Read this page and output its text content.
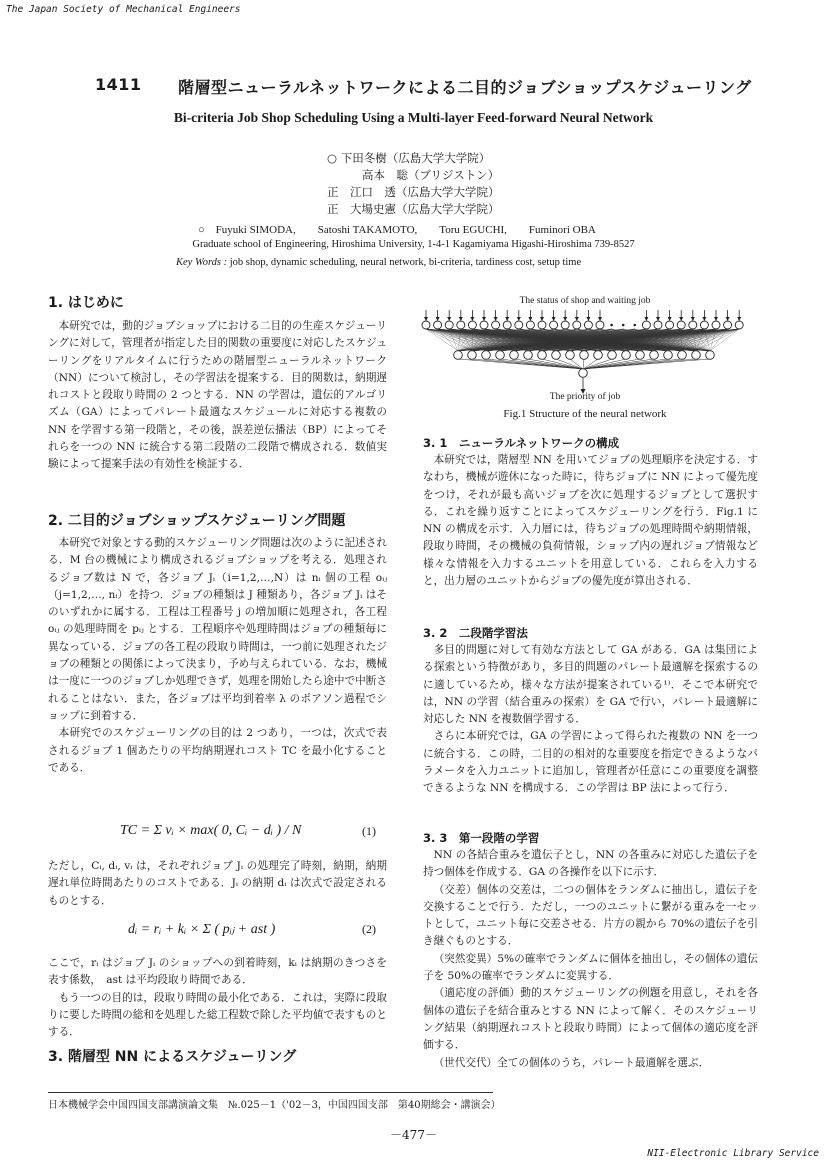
The Japan Society of Mechanical Engineers
1411 階層型ニューラルネットワークによる二目的ジョブショップスケジューリング
Bi-criteria Job Shop Scheduling Using a Multi-layer Feed-forward Neural Network
○ 下田冬樹（広島大学大学院）
高本　聡（ブリジストン）
正　江口　透（広島大学大学院）
正　大場史憲（広島大学大学院）
○　Fuyuki SIMODA,　　Satoshi TAKAMOTO,　　Toru EGUCHI,　　Fuminori OBA
Graduate school of Engineering, Hiroshima University, 1-4-1 Kagamiyama Higashi-Hiroshima 739-8527
Key Words : job shop, dynamic scheduling, neural network, bi-criteria, tardiness cost, setup time
1. はじめに

本研究では，動的ジョブショップにおける二目的の生産スケジューリングに対して，管理者が指定した目的関数の重要度に対応したスケジューリングをリアルタイムに行うための階層型ニューラルネットワーク（NN）について検討し，その学習法を提案する．目的関数は，納期遅れコストと段取り時間の 2 つとする．NN の学習は，遺伝的アルゴリズム（GA）によってパレート最適なスケジュールに対応する複数の NN を学習する第一段階と，その後，誤差逆伝播法（BP）によってそれらを一つの NN に統合する第二段階の二段階で構成される．数値実験によって提案手法の有効性を検証する．

2. 二目的ジョブショップスケジューリング問題

本研究で対象とする動的スケジューリング問題は次のように記述される．M 台の機械により構成されるジョブショップを考える．処理されるジョブ数は N で，各ジョブ Jᵢ（i=1,2,…,N）は nᵢ 個の工程 oᵢⱼ（j=1,2,…, nᵢ）を持つ．ジョブの種類は J 種類あり，各ジョブ Jᵢ はそのいずれかに属する．工程は工程番号 j の増加順に処理され，各工程 oᵢⱼ の処理時間を pᵢⱼ とする．工程順序や処理時間はジョブの種類毎に異なっている．ジョブの各工程の段取り時間は，一つ前に処理されたジョブの種類との関係によって決まり，予め与えられている．なお，機械は一度に一つのジョブしか処理できず，処理を開始したら途中で中断されることはない．また，各ジョブは平均到着率 λ のポアソン過程でショップに到着する．

本研究でのスケジューリングの目的は 2 つあり，一つは，次式で表されるジョブ 1 個あたりの平均納期遅れコスト TC を最小化することである．

TC = Σ vᵢ × max( 0, Cᵢ − dᵢ ) / N	(1)

ただし，Cᵢ, dᵢ, vᵢ は，それぞれジョブ Jᵢ の処理完了時刻，納期，納期遅れ単位時間あたりのコストである．Jᵢ の納期 dᵢ は次式で設定されるものとする．

dᵢ = rᵢ + kᵢ × Σ ( pᵢⱼ + ast )	(2)

ここで，rᵢ はジョブ Jᵢ のショップへの到着時刻，kᵢ は納期のきつさを表す係数，　ast は平均段取り時間である．

もう一つの目的は，段取り時間の最小化である．これは，実際に段取りに要した時間の総和を処理した総工程数で除した平均値で表すものとする．

3. 階層型 NN によるスケジューリング
The status of shop and waiting job
The priority of job
Fig.1 Structure of the neural network
3. 1　ニューラルネットワークの構成

本研究では，階層型 NN を用いてジョブの処理順序を決定する．すなわち，機械が遊休になった時に，待ちジョブに NN によって優先度をつけ，それが最も高いジョブを次に処理するジョブとして選択する．これを繰り返すことによってスケジューリングを行う．Fig.1 に NN の構成を示す．入力層には，待ちジョブの処理時間や納期情報，段取り時間，その機械の負荷情報，ショップ内の遅れジョブ情報など様々な情報を入力するユニットを用意している．これらを入力すると，出力層のユニットからジョブの優先度が算出される．

3. 2　二段階学習法

多目的問題に対して有効な方法として GA がある．GA は集団による探索という特徴があり，多目的問題のパレート最適解を探索するのに適しているため，様々な方法が提案されている¹⁾．そこで本研究では，NN の学習（結合重みの探索）を GA で行い，パレート最適解に対応した NN を複数個学習する．

さらに本研究では，GA の学習によって得られた複数の NN を一つに統合する．この時，二目的の相対的な重要度を指定できるようなパラメータを入力ユニットに追加し，管理者が任意にこの重要度を調整できるような NN を構成する．この学習は BP 法によって行う．

3. 3　第一段階の学習

NN の各結合重みを遺伝子とし，NN の各重みに対応した遺伝子を持つ個体を作成する．GA の各操作を以下に示す．

（交差）個体の交差は，二つの個体をランダムに抽出し，遺伝子を交換することで行う．ただし，一つのユニットに繋がる重みを一セットとして，ユニット毎に交差させる．片方の親から 70%の遺伝子を引き継ぐものとする．

（突然変異）5%の確率でランダムに個体を抽出し，その個体の遺伝子を 50%の確率でランダムに変異する．

（適応度の評価）動的スケジューリングの例題を用意し，それを各個体の遺伝子を結合重みとする NN によって解く．そのスケジューリング結果（納期遅れコストと段取り時間）によって個体の適応度を評価する．

（世代交代）全ての個体のうち，パレート最適解を選ぶ．

日本機械学会中国四国支部講演論文集　№.025－1（'02－3，中国四国支部　第40期総会・講演会）
－477－
NII-Electronic Library Service
